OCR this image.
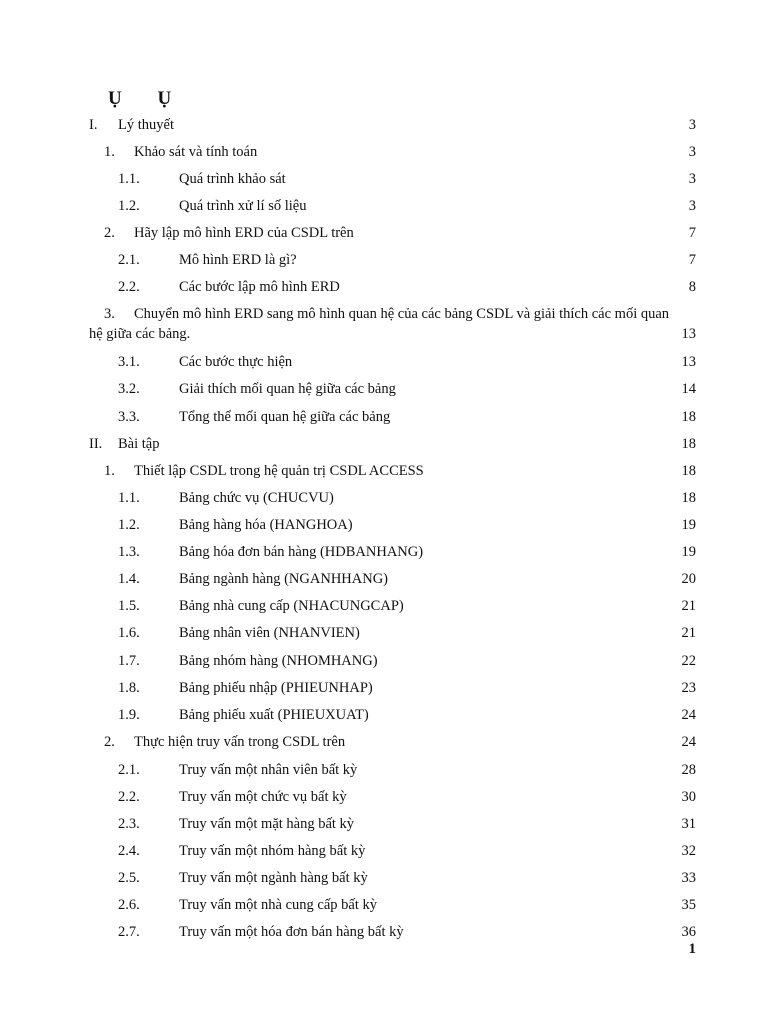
Ụ Ụ
I. Lý thuyết	3
1. Khảo sát và tính toán	3
1.1.	Quá trình khảo sát	3
1.2.	Quá trình xử lí số liệu	3
2. Hãy lập mô hình ERD của CSDL trên	7
2.1.	Mô hình ERD là gì?	7
2.2.	Các bước lập mô hình ERD	8
3. Chuyển mô hình ERD sang mô hình quan hệ của các bảng CSDL và giải thích các mối quan
hệ giữa các bảng.	13
3.1.	Các bước thực hiện	13
3.2.	Giải thích mối quan hệ giữa các bảng	14
3.3.	Tổng thể mối quan hệ giữa các bảng	18
II. Bài tập	18
1. Thiết lập CSDL trong hệ quản trị CSDL ACCESS	18
1.1.	Bảng chức vụ (CHUCVU)	18
1.2.	Bảng hàng hóa (HANGHOA)	19
1.3.	Bảng hóa đơn bán hàng (HDBANHANG)	19
1.4.	Bảng ngành hàng (NGANHHANG)	20
1.5.	Bảng nhà cung cấp (NHACUNGCAP)	21
1.6.	Bảng nhân viên (NHANVIEN)	21
1.7.	Bảng nhóm hàng (NHOMHANG)	22
1.8.	Bảng phiếu nhập (PHIEUNHAP)	23
1.9.	Bảng phiếu xuất (PHIEUXUAT)	24
2. Thực hiện truy vấn trong CSDL trên	24
2.1.	Truy vấn một nhân viên bất kỳ	28
2.2.	Truy vấn một chức vụ bất kỳ	30
2.3.	Truy vấn một mặt hàng bất kỳ	31
2.4.	Truy vấn một nhóm hàng bất kỳ	32
2.5.	Truy vấn một ngành hàng bất kỳ	33
2.6.	Truy vấn một nhà cung cấp bất kỳ	35
2.7.	Truy vấn một hóa đơn bán hàng bất kỳ	36
1
